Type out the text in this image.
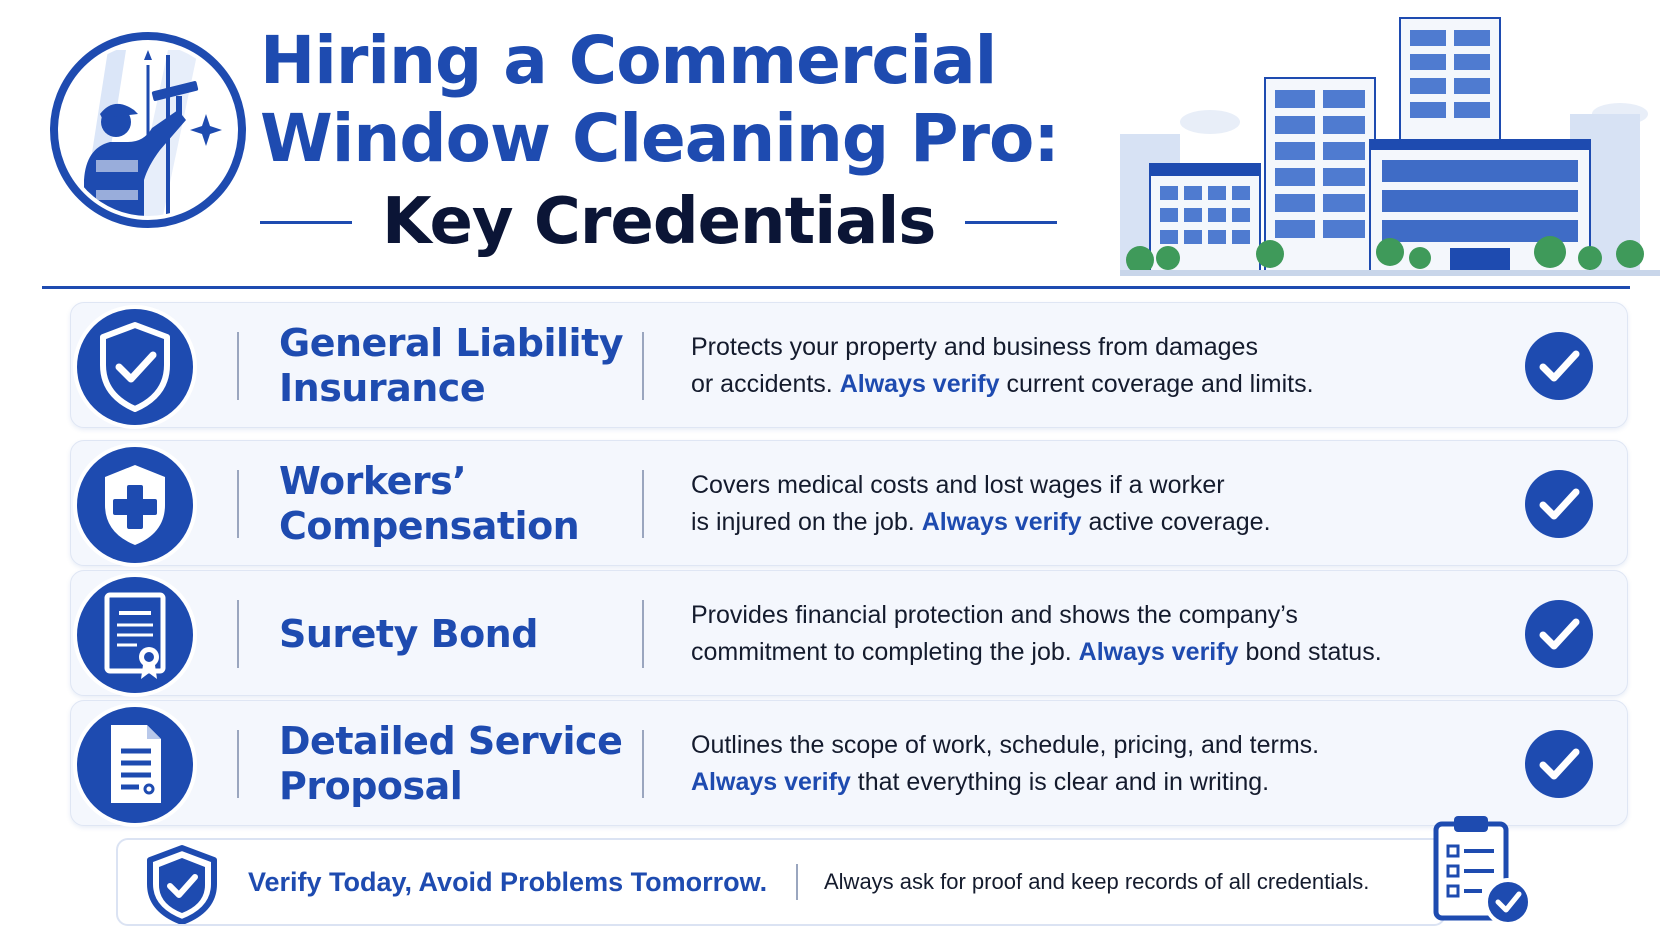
Hiring a Commercial
Window Cleaning Pro:
Key Credentials
General Liability
Insurance
Protects your property and business from damages
or accidents. Always verify current coverage and limits.
Workers’
Compensation
Covers medical costs and lost wages if a worker
is injured on the job. Always verify active coverage.
Surety Bond	Provides financial protection and shows the company’s
commitment to completing the job. Always verify bond status.
Detailed Service
Proposal
Outlines the scope of work, schedule, pricing, and terms.
Always verify that everything is clear and in writing.
Verify Today, Avoid Problems Tomorrow.	Always ask for proof and keep records of all credentials.
